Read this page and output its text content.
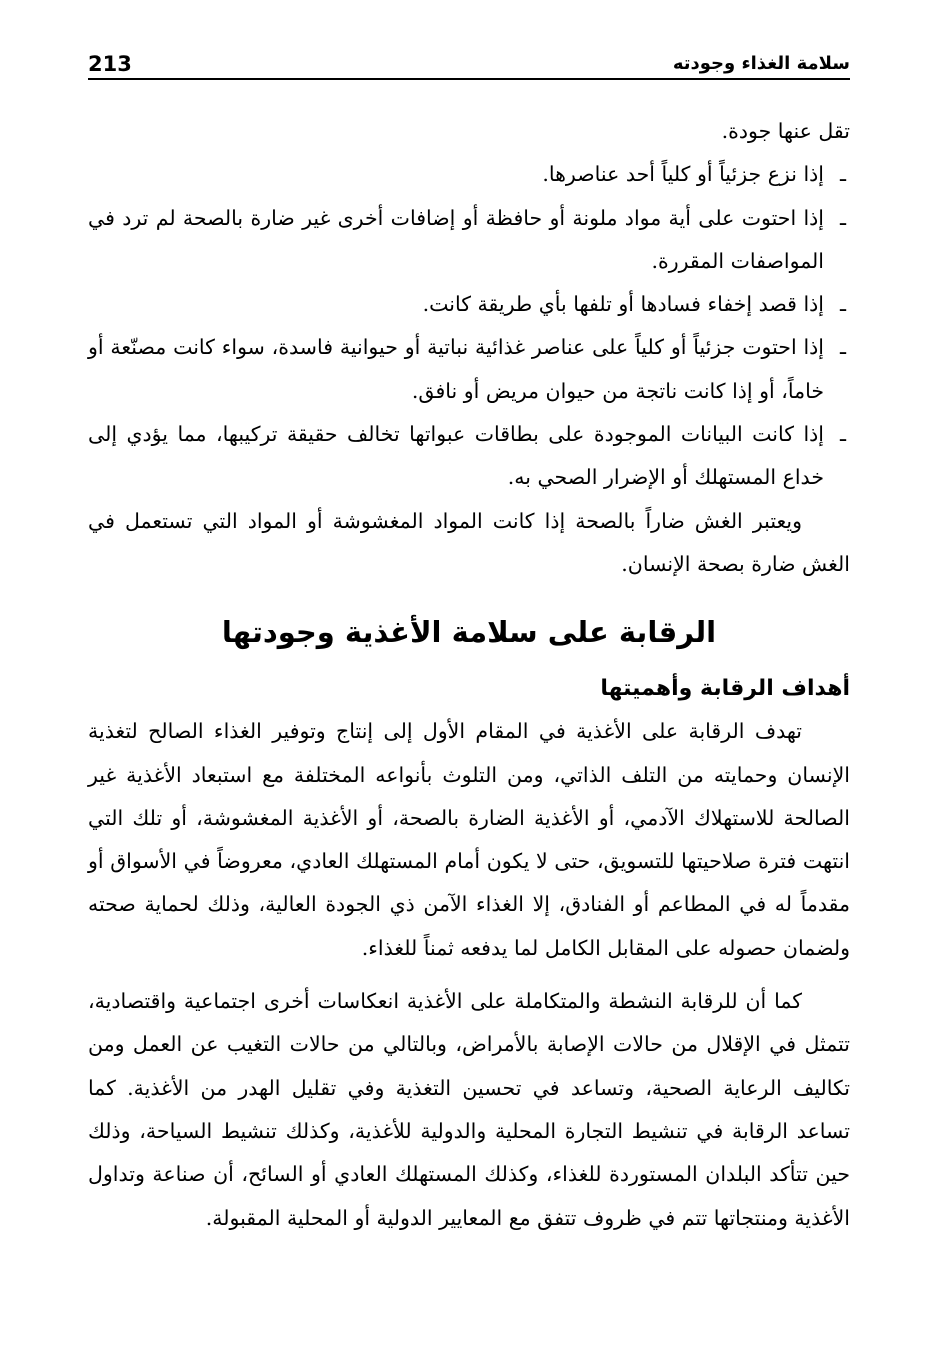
213	سلامة الغذاء وجودته

تقل عنها جودة.

ـ
إذا نزع جزئياً أو كلياً أحد عناصرها.
ـ
إذا احتوت على أية مواد ملونة أو حافظة أو إضافات أخرى غير ضارة بالصحة لم ترد في المواصفات المقررة.
ـ
إذا قصد إخفاء فسادها أو تلفها بأي طريقة كانت.
ـ
إذا احتوت جزئياً أو كلياً على عناصر غذائية نباتية أو حيوانية فاسدة، سواء كانت مصنّعة أو خاماً، أو إذا كانت ناتجة من حيوان مريض أو نافق.
ـ
إذا كانت البيانات الموجودة على بطاقات عبواتها تخالف حقيقة تركيبها، مما يؤدي إلى خداع المستهلك أو الإضرار الصحي به.

ويعتبر الغش ضاراً بالصحة إذا كانت المواد المغشوشة أو المواد التي تستعمل في الغش ضارة بصحة الإنسان.

الرقابة على سلامة الأغذية وجودتها
أهداف الرقابة وأهميتها

تهدف الرقابة على الأغذية في المقام الأول إلى إنتاج وتوفير الغذاء الصالح لتغذية الإنسان وحمايته من التلف الذاتي، ومن التلوث بأنواعه المختلفة مع استبعاد الأغذية غير الصالحة للاستهلاك الآدمي، أو الأغذية الضارة بالصحة، أو الأغذية المغشوشة، أو تلك التي انتهت فترة صلاحيتها للتسويق، حتى لا يكون أمام المستهلك العادي، معروضاً في الأسواق أو مقدماً له في المطاعم أو الفنادق، إلا الغذاء الآمن ذي الجودة العالية، وذلك لحماية صحته ولضمان حصوله على المقابل الكامل لما يدفعه ثمناً للغذاء.

كما أن للرقابة النشطة والمتكاملة على الأغذية انعكاسات أخرى اجتماعية واقتصادية، تتمثل في الإقلال من حالات الإصابة بالأمراض، وبالتالي من حالات التغيب عن العمل ومن تكاليف الرعاية الصحية، وتساعد في تحسين التغذية وفي تقليل الهدر من الأغذية. كما تساعد الرقابة في تنشيط التجارة المحلية والدولية للأغذية، وكذلك تنشيط السياحة، وذلك حين تتأكد البلدان المستوردة للغذاء، وكذلك المستهلك العادي أو السائح، أن صناعة وتداول الأغذية ومنتجاتها تتم في ظروف تتفق مع المعايير الدولية أو المحلية المقبولة.
